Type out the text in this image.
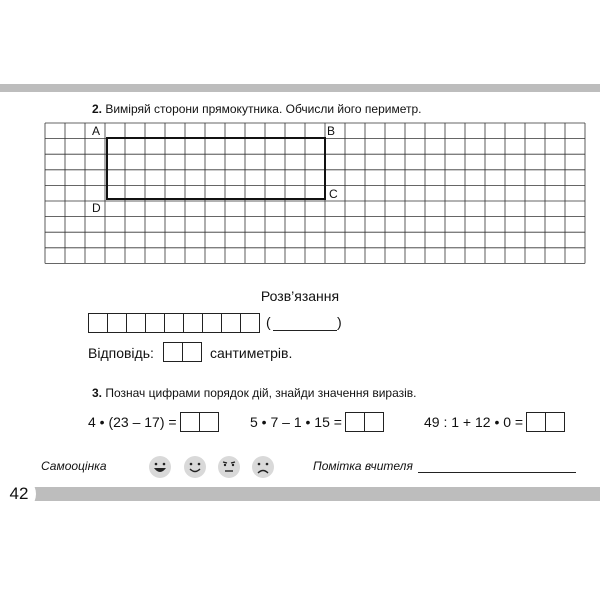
2. Виміряй сторони прямокутника. Обчисли його периметр.
A	B
C
D
Розв’язання
(	)
Відповідь:	сантиметрів.
3. Познач цифрами порядок дій, знайди значення виразів.
4 • (23 – 17) =	5 • 7 – 1 • 15 =	49 : 1 + 12 • 0 =
Самооцінка	Помітка вчителя
42
